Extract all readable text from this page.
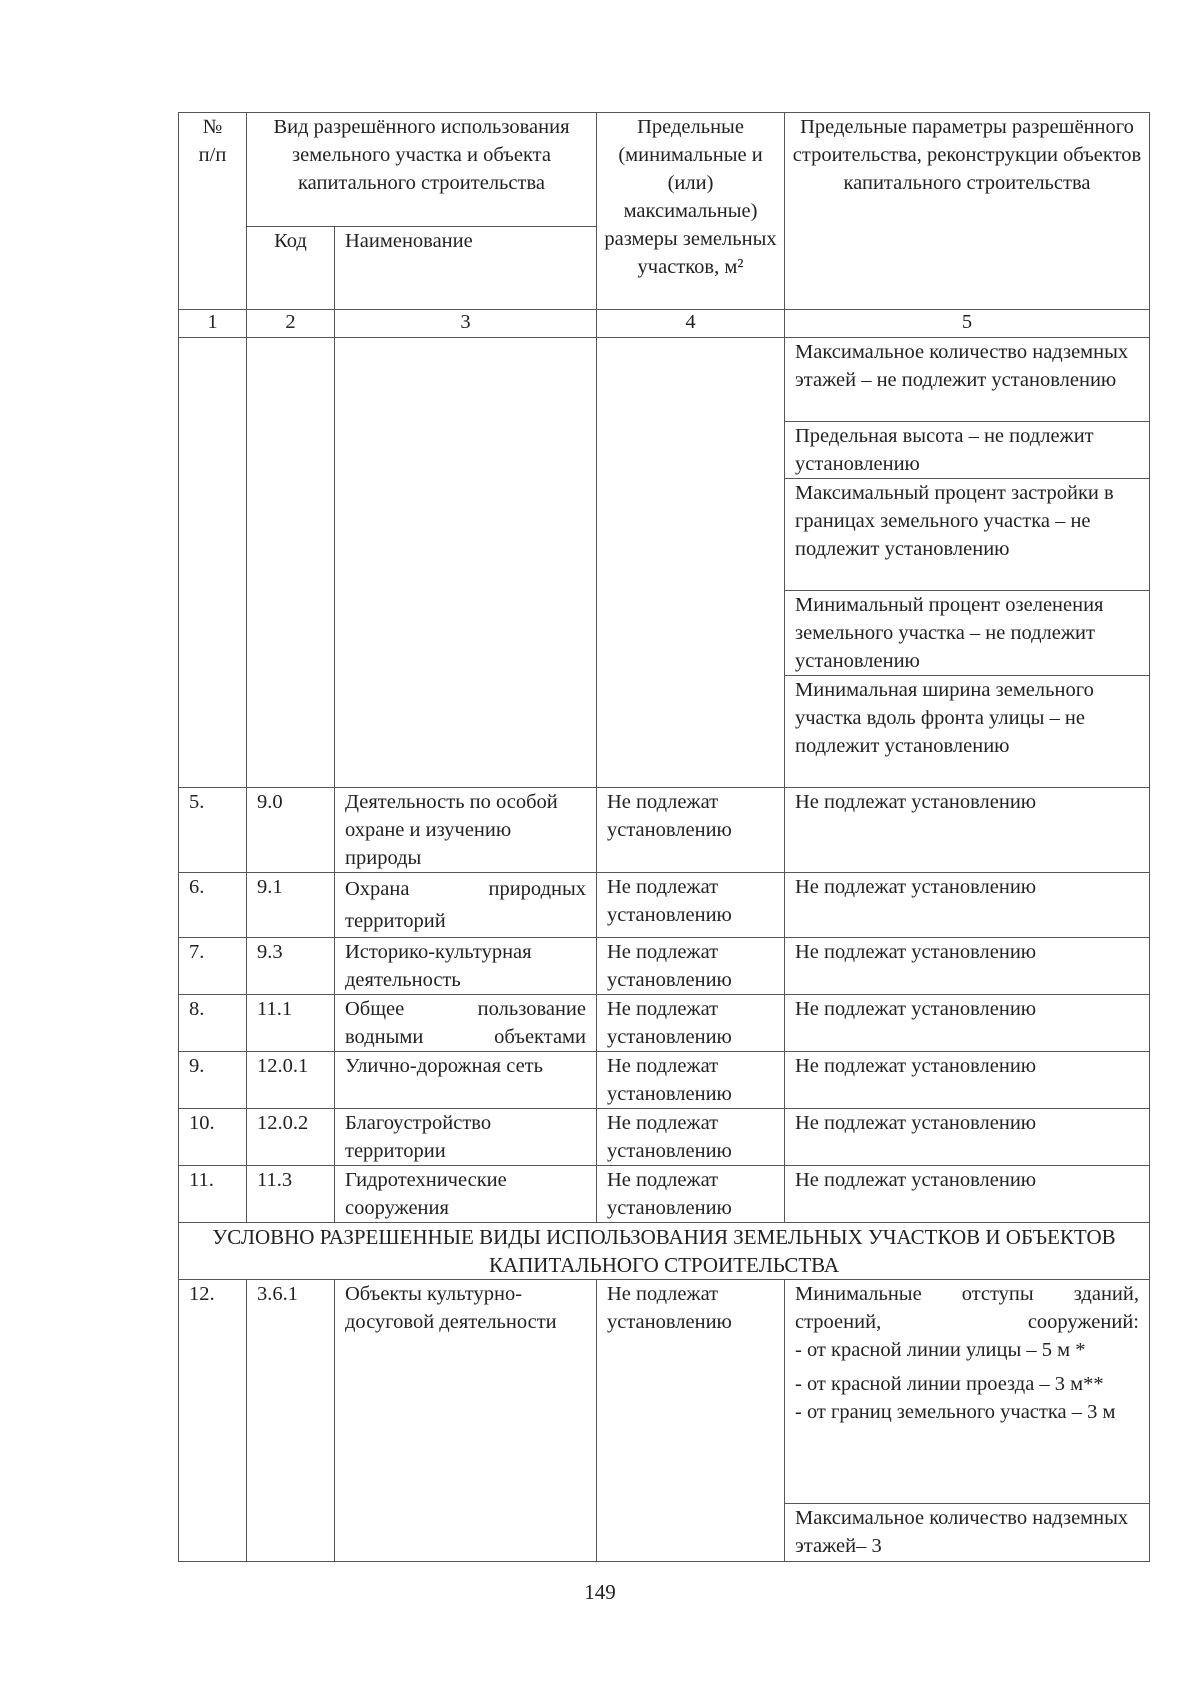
№
п/п	Вид разрешённого использования земельного участка и объекта капитального строительства		Предельные (минимальные и (или) максимальные) размеры земельных участков, м²	Предельные параметры разрешённого строительства, реконструкции объектов капитального строительства
	Код	Наименование		
1	2	3	4	5
				Максимальное количество надземных этажей – не подлежит установлению
				Предельная высота – не подлежит установлению
				Максимальный процент застройки в границах земельного участка – не подлежит установлению
				Минимальный процент озеленения земельного участка – не подлежит установлению
				Минимальная ширина земельного участка вдоль фронта улицы – не подлежит установлению
5.	9.0	Деятельность по особой охране и изучению природы	Не подлежат установлению	Не подлежат установлению
6.	9.1	Охрана природных территорий	Не подлежат установлению	Не подлежат установлению
7.	9.3	Историко-культурная деятельность	Не подлежат установлению	Не подлежат установлению
8.	11.1	Общее пользование водными объектами	Не подлежат установлению	Не подлежат установлению
9.	12.0.1	Улично-дорожная сеть	Не подлежат установлению	Не подлежат установлению
10.	12.0.2	Благоустройство территории	Не подлежат установлению	Не подлежат установлению
11.	11.3	Гидротехнические сооружения	Не подлежат установлению	Не подлежат установлению
УСЛОВНО РАЗРЕШЕННЫЕ ВИДЫ ИСПОЛЬЗОВАНИЯ ЗЕМЕЛЬНЫХ УЧАСТКОВ И ОБЪЕКТОВ КАПИТАЛЬНОГО СТРОИТЕЛЬСТВА				
12.	3.6.1	Объекты культурно-досуговой деятельности	Не подлежат установлению	Минимальные отступы зданий, строений, сооружений:
- от красной линии улицы – 5 м *
- от красной линии проезда – 3 м**
- от границ земельного участка – 3 м

				Максимальное количество надземных этажей– 3
149
